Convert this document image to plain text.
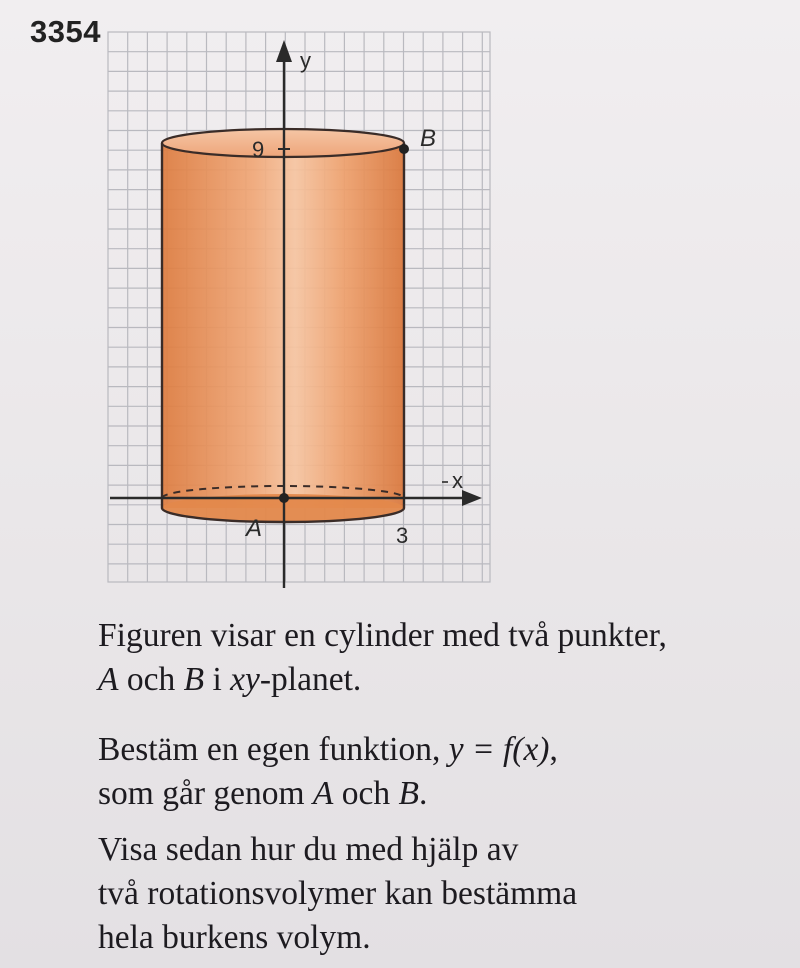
3354
y
x
9
3
A
B

Figuren visar en cylinder med två punkter,

A och B i xy-planet.

Bestäm en egen funktion, y = f(x),

som går genom A och B.

Visa sedan hur du med hjälp av

två rotationsvolymer kan bestämma

hela burkens volym.
